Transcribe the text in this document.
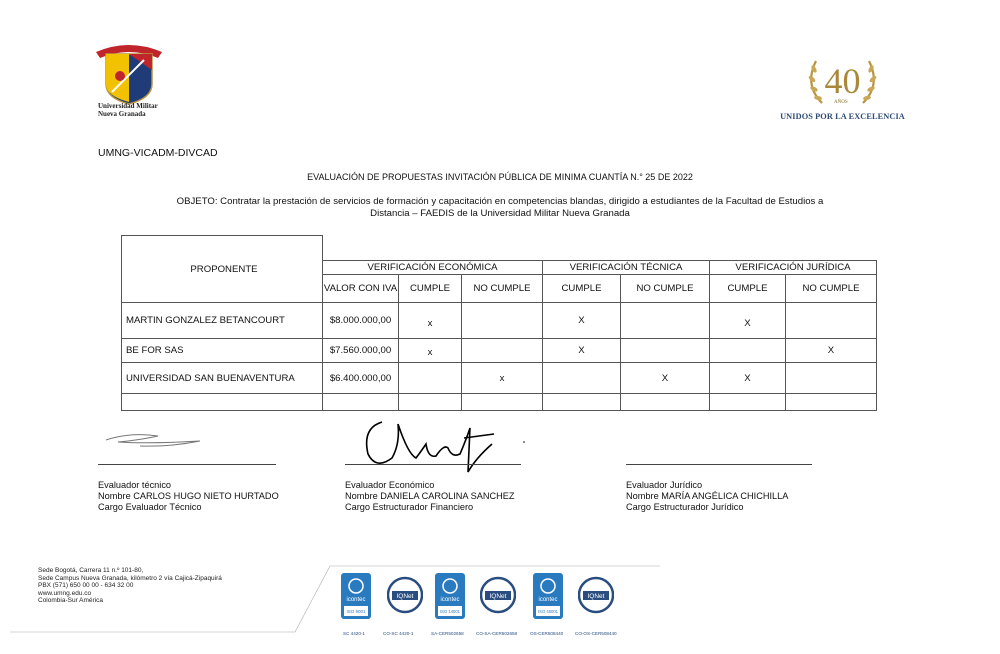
Universidad Militar
Nueva Granada
40
AÑOS
UNIDOS POR LA EXCELENCIA
UMNG-VICADM-DIVCAD
EVALUACIÓN DE PROPUESTAS INVITACIÓN PÚBLICA DE MINIMA CUANTÍA N.° 25 DE 2022
OBJETO: Contratar la prestación de servicios de formación y capacitación en competencias blandas, dirigido a estudiantes de la Facultad de Estudios a
Distancia – FAEDIS de la Universidad Militar Nueva Granada
PROPONENTE							
	VERIFICACIÓN ECONÓMICA			VERIFICACIÓN TÉCNICA		VERIFICACIÓN JURÍDICA	
	VALOR CON IVA	CUMPLE	NO CUMPLE	CUMPLE	NO CUMPLE	CUMPLE	NO CUMPLE
MARTIN GONZALEZ BETANCOURT	$8.000.000,00	x		X		X	
BE FOR SAS	$7.560.000,00	x		X			X
UNIVERSIDAD SAN BUENAVENTURA	$6.400.000,00		x		X	X	

Evaluador técnico
Nombre CARLOS HUGO NIETO HURTADO
Cargo Evaluador Técnico
Evaluador Económico
Nombre DANIELA CAROLINA SANCHEZ
Cargo Estructurador Financiero
Evaluador Jurídico
Nombre MARÍA ANGÉLICA CHICHILLA
Cargo Estructurador Jurídico
Sede Bogotá, Carrera 11 n.º 101-80,
Sede Campus Nueva Granada, kilómetro 2 vía Cajicá-Zipaquirá
PBX (571) 650 00 00 - 634 32 00
www.umng.edu.co
Colombia-Sur América	icontec
ISO 9001
IQNet	icontec
ISO 14001
IQNet	icontec
ISO 45001
IQNet
SC 4420-1	CO-SC 4420-1	SA-CER502658	CO-SA-CER502658	OS-CER508440	CO-OS-CER508440
